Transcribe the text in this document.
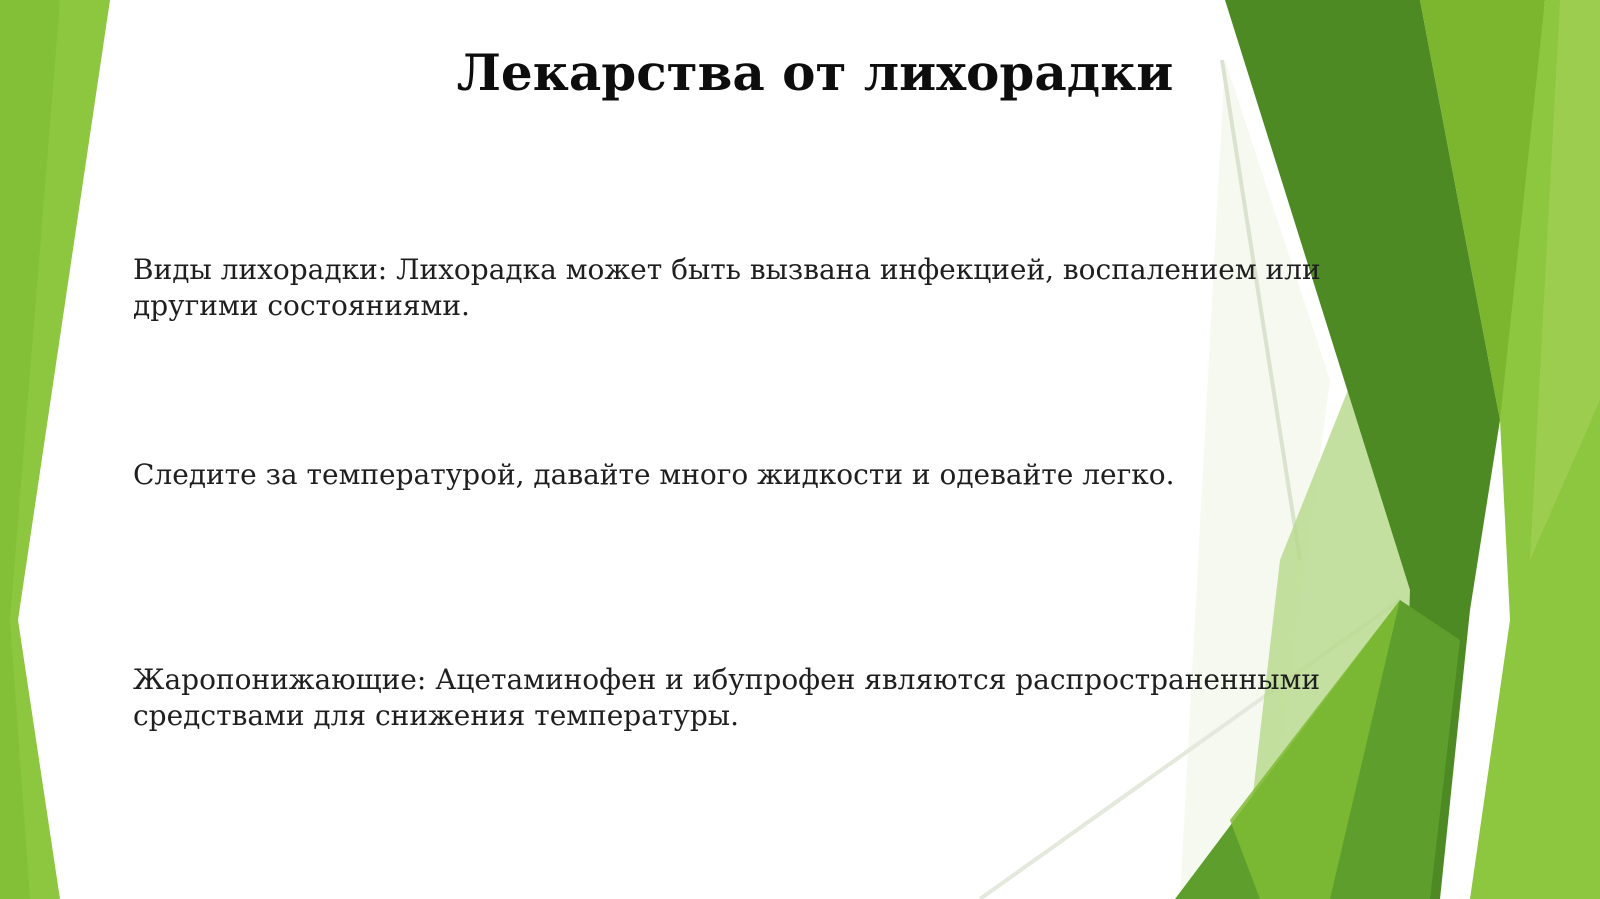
Лекарства от лихорадки

Виды лихорадки: Лихорадка может быть вызвана инфекцией, воспалением или другими состояниями.

Следите за температурой, давайте много жидкости и одевайте легко.

Жаропонижающие: Ацетаминофен и ибупрофен являются распространенными средствами для снижения температуры.
